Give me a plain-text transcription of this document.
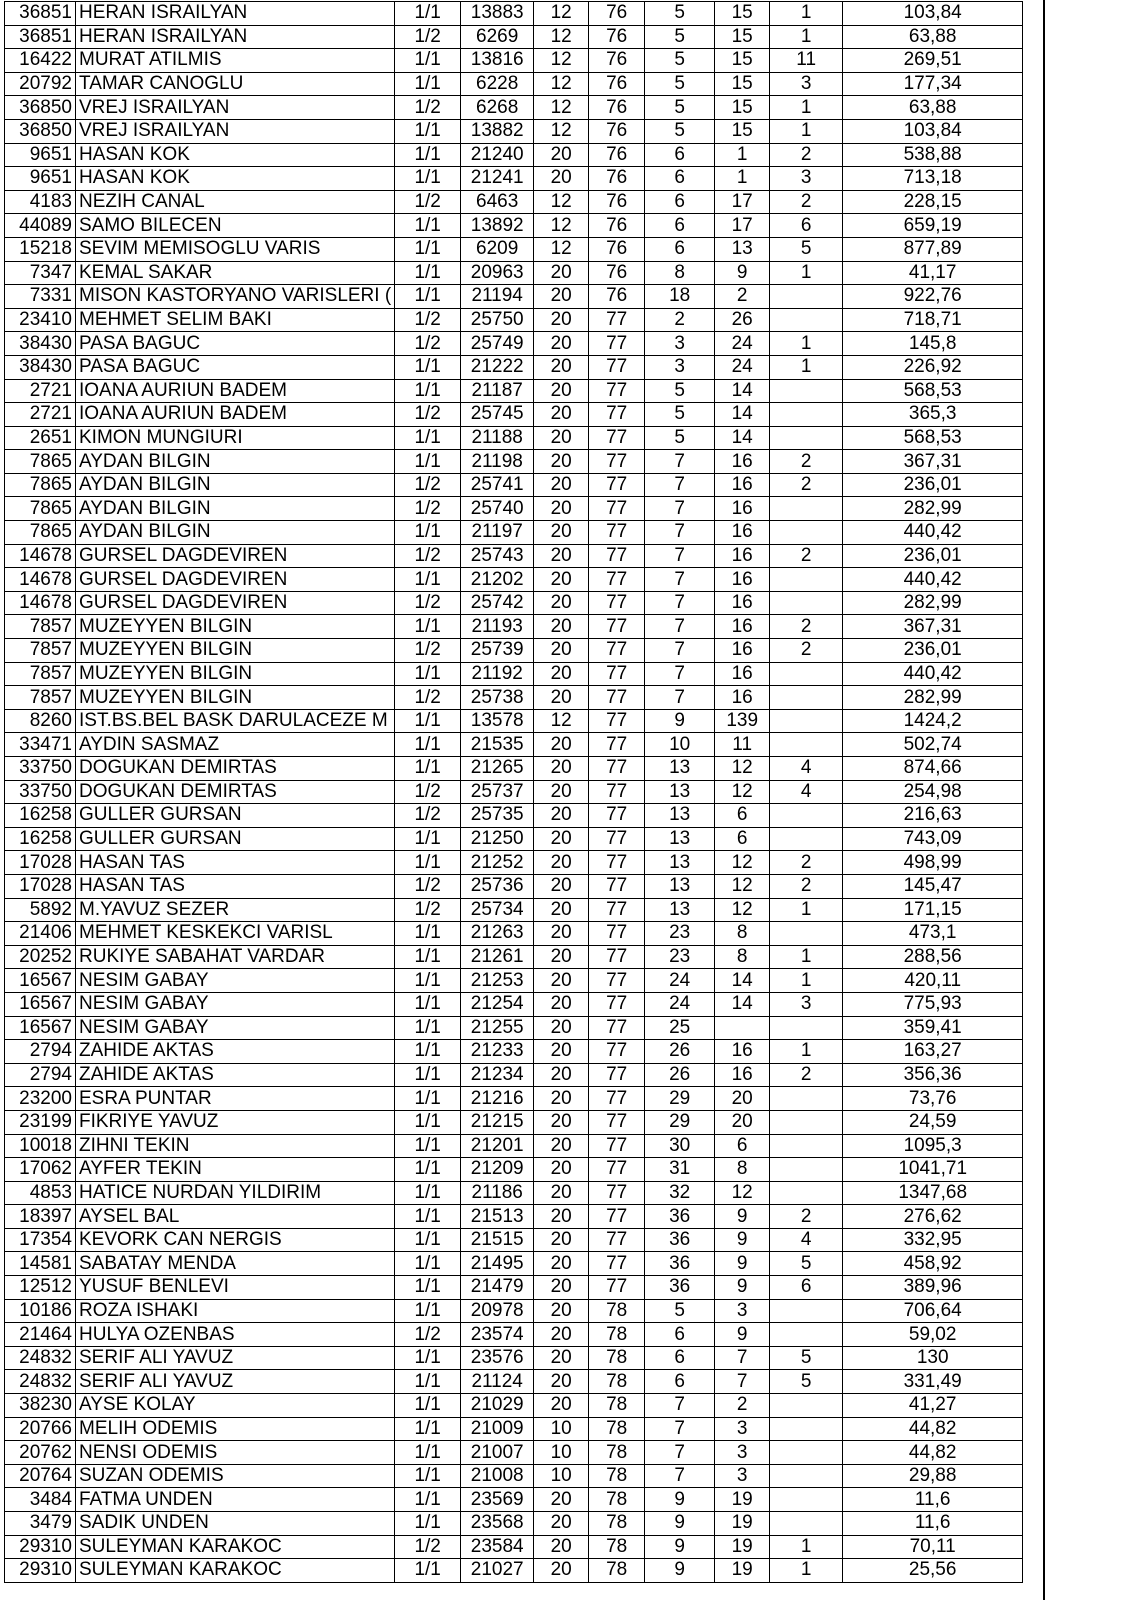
36851	HERAN ISRAILYAN	1/1	13883	12	76	5	15	1	103,84
36851	HERAN ISRAILYAN	1/2	6269	12	76	5	15	1	63,88
16422	MURAT ATILMIS	1/1	13816	12	76	5	15	11	269,51
20792	TAMAR CANOGLU	1/1	6228	12	76	5	15	3	177,34
36850	VREJ ISRAILYAN	1/2	6268	12	76	5	15	1	63,88
36850	VREJ ISRAILYAN	1/1	13882	12	76	5	15	1	103,84
9651	HASAN KOK	1/1	21240	20	76	6	1	2	538,88
9651	HASAN KOK	1/1	21241	20	76	6	1	3	713,18
4183	NEZIH CANAL	1/2	6463	12	76	6	17	2	228,15
44089	SAMO BILECEN	1/1	13892	12	76	6	17	6	659,19
15218	SEVIM MEMISOGLU VARIS	1/1	6209	12	76	6	13	5	877,89
7347	KEMAL SAKAR	1/1	20963	20	76	8	9	1	41,17
7331	MISON KASTORYANO VARISLERI (	1/1	21194	20	76	18	2		922,76
23410	MEHMET SELIM BAKI	1/2	25750	20	77	2	26		718,71
38430	PASA BAGUC	1/2	25749	20	77	3	24	1	145,8
38430	PASA BAGUC	1/1	21222	20	77	3	24	1	226,92
2721	IOANA AURIUN BADEM	1/1	21187	20	77	5	14		568,53
2721	IOANA AURIUN BADEM	1/2	25745	20	77	5	14		365,3
2651	KIMON MUNGIURI	1/1	21188	20	77	5	14		568,53
7865	AYDAN BILGIN	1/1	21198	20	77	7	16	2	367,31
7865	AYDAN BILGIN	1/2	25741	20	77	7	16	2	236,01
7865	AYDAN BILGIN	1/2	25740	20	77	7	16		282,99
7865	AYDAN BILGIN	1/1	21197	20	77	7	16		440,42
14678	GURSEL DAGDEVIREN	1/2	25743	20	77	7	16	2	236,01
14678	GURSEL DAGDEVIREN	1/1	21202	20	77	7	16		440,42
14678	GURSEL DAGDEVIREN	1/2	25742	20	77	7	16		282,99
7857	MUZEYYEN BILGIN	1/1	21193	20	77	7	16	2	367,31
7857	MUZEYYEN BILGIN	1/2	25739	20	77	7	16	2	236,01
7857	MUZEYYEN BILGIN	1/1	21192	20	77	7	16		440,42
7857	MUZEYYEN BILGIN	1/2	25738	20	77	7	16		282,99
8260	IST.BS.BEL BASK DARULACEZE M	1/1	13578	12	77	9	139		1424,2
33471	AYDIN SASMAZ	1/1	21535	20	77	10	11		502,74
33750	DOGUKAN DEMIRTAS	1/1	21265	20	77	13	12	4	874,66
33750	DOGUKAN DEMIRTAS	1/2	25737	20	77	13	12	4	254,98
16258	GULLER GURSAN	1/2	25735	20	77	13	6		216,63
16258	GULLER GURSAN	1/1	21250	20	77	13	6		743,09
17028	HASAN TAS	1/1	21252	20	77	13	12	2	498,99
17028	HASAN TAS	1/2	25736	20	77	13	12	2	145,47
5892	M.YAVUZ SEZER	1/2	25734	20	77	13	12	1	171,15
21406	MEHMET KESKEKCI VARISL	1/1	21263	20	77	23	8		473,1
20252	RUKIYE SABAHAT VARDAR	1/1	21261	20	77	23	8	1	288,56
16567	NESIM GABAY	1/1	21253	20	77	24	14	1	420,11
16567	NESIM GABAY	1/1	21254	20	77	24	14	3	775,93
16567	NESIM GABAY	1/1	21255	20	77	25			359,41
2794	ZAHIDE AKTAS	1/1	21233	20	77	26	16	1	163,27
2794	ZAHIDE AKTAS	1/1	21234	20	77	26	16	2	356,36
23200	ESRA PUNTAR	1/1	21216	20	77	29	20		73,76
23199	FIKRIYE YAVUZ	1/1	21215	20	77	29	20		24,59
10018	ZIHNI TEKIN	1/1	21201	20	77	30	6		1095,3
17062	AYFER TEKIN	1/1	21209	20	77	31	8		1041,71
4853	HATICE NURDAN YILDIRIM	1/1	21186	20	77	32	12		1347,68
18397	AYSEL BAL	1/1	21513	20	77	36	9	2	276,62
17354	KEVORK CAN NERGIS	1/1	21515	20	77	36	9	4	332,95
14581	SABATAY MENDA	1/1	21495	20	77	36	9	5	458,92
12512	YUSUF BENLEVI	1/1	21479	20	77	36	9	6	389,96
10186	ROZA ISHAKI	1/1	20978	20	78	5	3		706,64
21464	HULYA OZENBAS	1/2	23574	20	78	6	9		59,02
24832	SERIF ALI YAVUZ	1/1	23576	20	78	6	7	5	130
24832	SERIF ALI YAVUZ	1/1	21124	20	78	6	7	5	331,49
38230	AYSE KOLAY	1/1	21029	20	78	7	2		41,27
20766	MELIH ODEMIS	1/1	21009	10	78	7	3		44,82
20762	NENSI ODEMIS	1/1	21007	10	78	7	3		44,82
20764	SUZAN ODEMIS	1/1	21008	10	78	7	3		29,88
3484	FATMA UNDEN	1/1	23569	20	78	9	19		11,6
3479	SADIK UNDEN	1/1	23568	20	78	9	19		11,6
29310	SULEYMAN KARAKOC	1/2	23584	20	78	9	19	1	70,11
29310	SULEYMAN KARAKOC	1/1	21027	20	78	9	19	1	25,56
